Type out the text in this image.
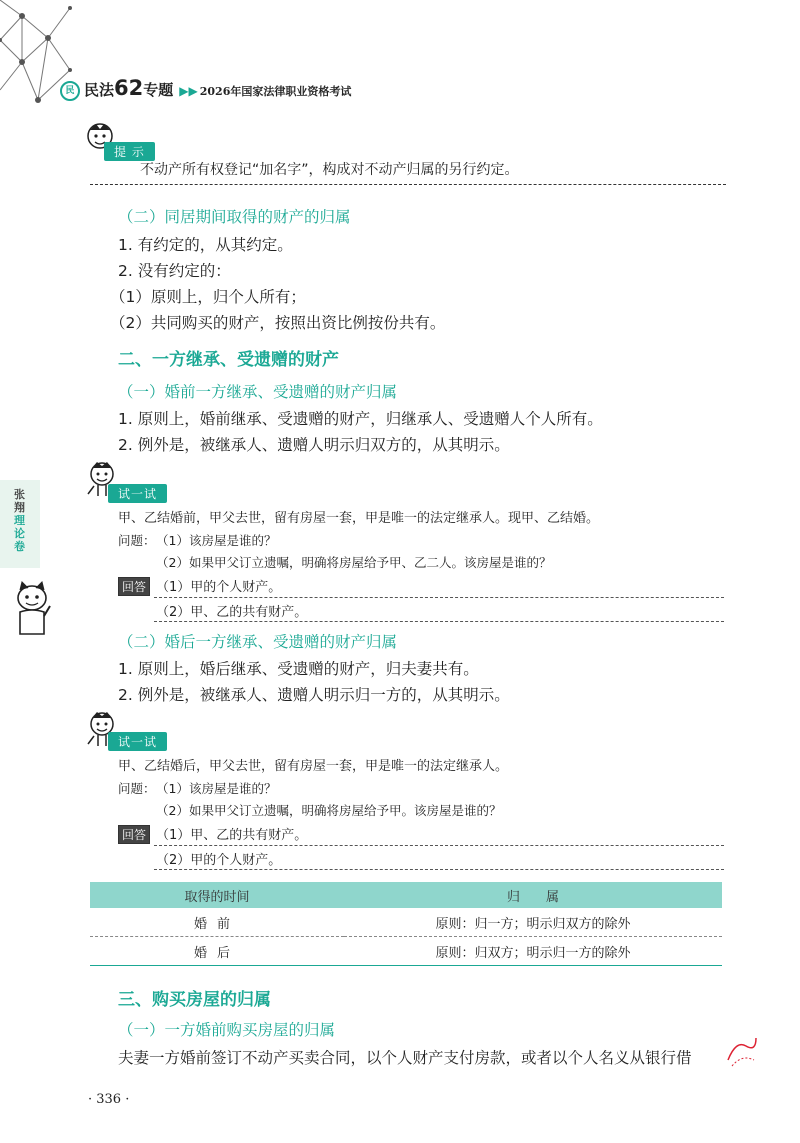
民 民法62专题 ▶▶ 2026年国家法律职业资格考试
提 示
不动产所有权登记“加名字”，构成对不动产归属的另行约定。
（二）同居期间取得的财产的归属
1. 有约定的，从其约定。
2. 没有约定的：
（1）原则上，归个人所有；
（2）共同购买的财产，按照出资比例按份共有。
二、一方继承、受遗赠的财产
（一）婚前一方继承、受遗赠的财产归属
1. 原则上，婚前继承、受遗赠的财产，归继承人、受遗赠人个人所有。
2. 例外是，被继承人、遗赠人明示归双方的，从其明示。
试一试
甲、乙结婚前，甲父去世，留有房屋一套，甲是唯一的法定继承人。现甲、乙结婚。
问题： （1）该房屋是谁的？
（2）如果甲父订立遗嘱，明确将房屋给予甲、乙二人。该房屋是谁的？
回答 （1）甲的个人财产。
（2）甲、乙的共有财产。
张
翔
理
论
卷
（二）婚后一方继承、受遗赠的财产归属
1. 原则上，婚后继承、受遗赠的财产，归夫妻共有。
2. 例外是，被继承人、遗赠人明示归一方的，从其明示。
试一试
甲、乙结婚后，甲父去世，留有房屋一套，甲是唯一的法定继承人。
问题： （1）该房屋是谁的？
（2）如果甲父订立遗嘱，明确将房屋给予甲。该房屋是谁的？
回答 （1）甲、乙的共有财产。
（2）甲的个人财产。
取得的时间	归　　属
婚前	原则：归一方；明示归双方的除外
婚后	原则：归双方；明示归一方的除外
三、购买房屋的归属
（一）一方婚前购买房屋的归属
夫妻一方婚前签订不动产买卖合同，以个人财产支付房款，或者以个人名义从银行借
· 336 ·
